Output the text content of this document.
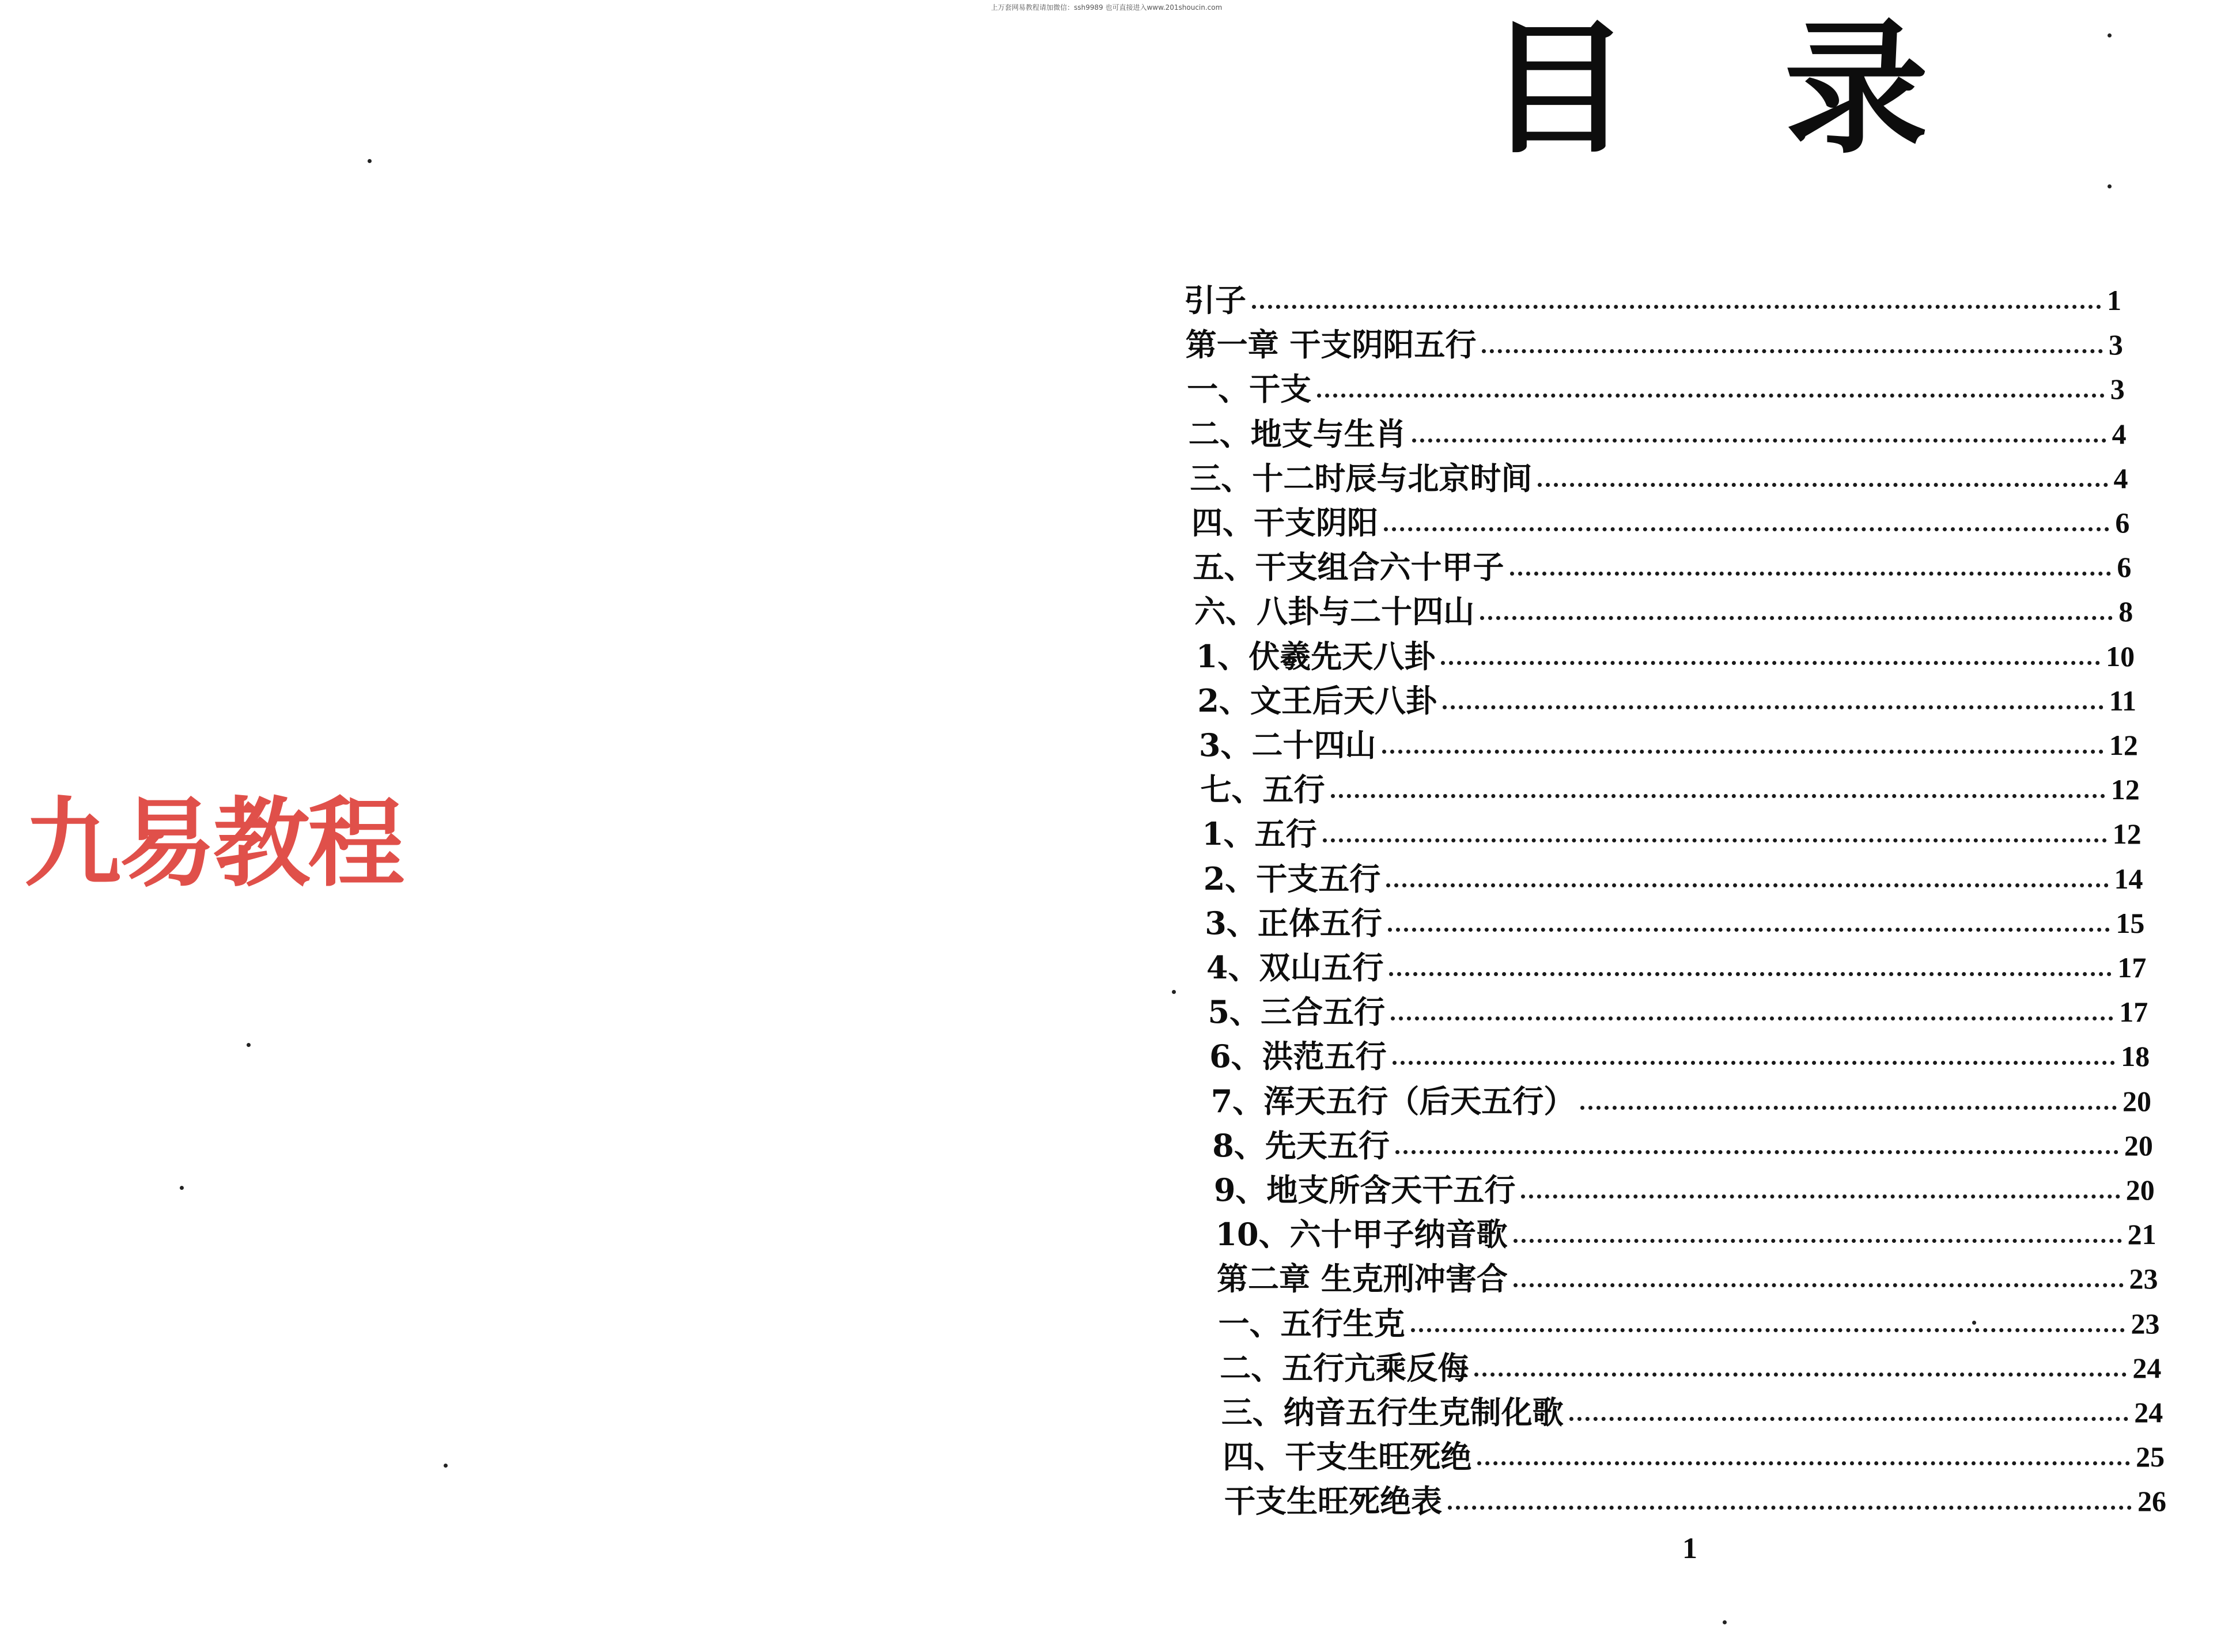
九易教程
上万套网易教程请加微信：ssh9989 也可直接进入www.201shoucin.com 目 录
引子	1
第一章 干支阴阳五行	3
一、干支	3
二、地支与生肖	4
三、十二时辰与北京时间	4
四、干支阴阳	6
五、干支组合六十甲子	6
六、八卦与二十四山	8
1、伏羲先天八卦	10
2、文王后天八卦	11
3、二十四山	12
七、五行	12
1、五行	12
2、干支五行	14
3、正体五行	15
4、双山五行	17
5、三合五行	17
6、洪范五行	18
7、浑天五行（后天五行）	20
8、先天五行	20
9、地支所含天干五行	20
10、六十甲子纳音歌	21
第二章 生克刑冲害合	23
一、五行生克	23
二、五行亢乘反侮	24
三、纳音五行生克制化歌	24
四、干支生旺死绝	25
干支生旺死绝表	26
1
